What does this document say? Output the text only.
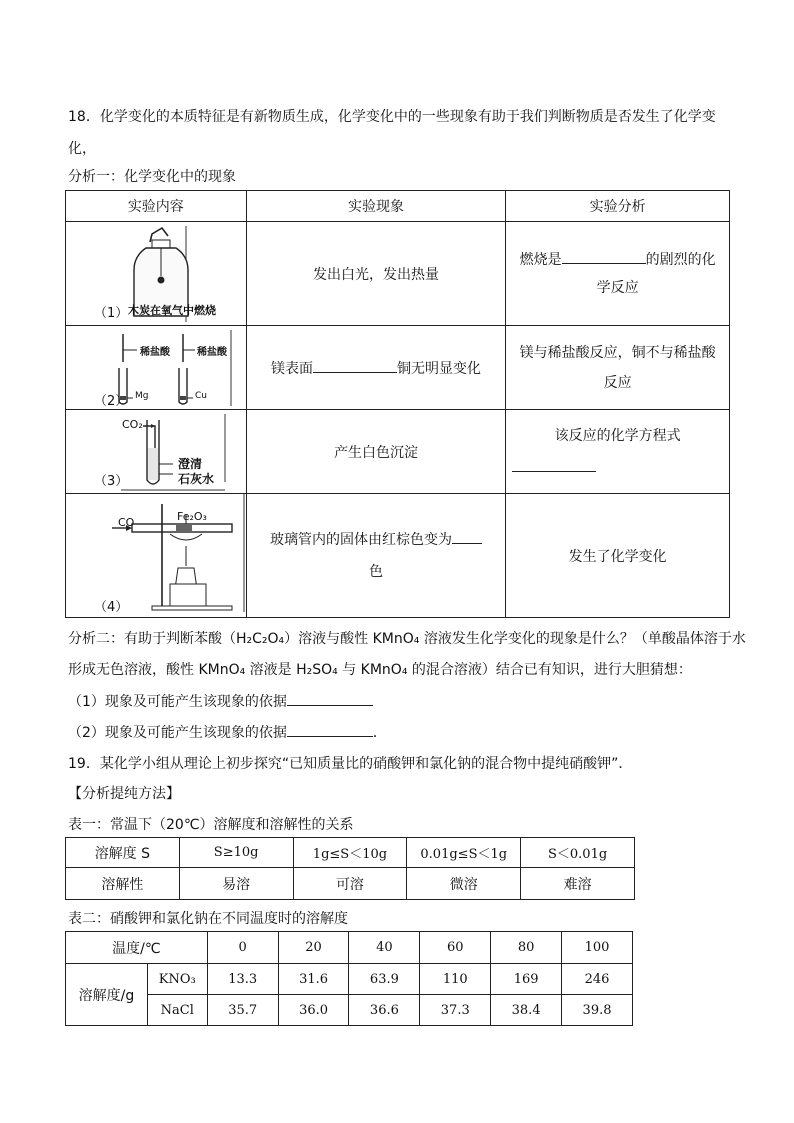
18．化学变化的本质特征是有新物质生成，化学变化中的一些现象有助于我们判断物质是否发生了化学变
化，
分析一：化学变化中的现象
实验内容	实验现象	实验分析

（1） 木炭在氧气中燃烧	发出白光，发出热量	燃烧是 的剧烈的化
学反应

稀盐酸 稀盐酸
Mg Cu
（2）	镁表面 铜无明显变化	镁与稀盐酸反应，铜不与稀盐酸
反应

CO₂
澄清
石灰水
（3）	产生白色沉淀	该反应的化学方程式

CO Fe₂O₃
（4）	玻璃管内的固体由红棕色变为
色	发生了化学变化
分析二：有助于判断苯酸（H₂C₂O₄）溶液与酸性 KMnO₄ 溶液发生化学变化的现象是什么？（单酸晶体溶于水
形成无色溶液，酸性 KMnO₄ 溶液是 H₂SO₄ 与 KMnO₄ 的混合溶液）结合已有知识，进行大胆猜想：
（1）现象及可能产生该现象的依据
（2）现象及可能产生该现象的依据	．
19．某化学小组从理论上初步探究“已知质量比的硝酸钾和氯化钠的混合物中提纯硝酸钾”．
【分析提纯方法】
表一：常温下（20℃）溶解度和溶解性的关系
溶解度 S	S≥10g	1g≤S＜10g	0.01g≤S＜1g	S＜0.01g
溶解性	易溶	可溶	微溶	难溶
表二：硝酸钾和氯化钠在不同温度时的溶解度
温度/℃		0	20	40	60	80	100
溶解度/g	KNO₃	13.3	31.6	63.9	110	169	246
	NaCl	35.7	36.0	36.6	37.3	38.4	39.8
